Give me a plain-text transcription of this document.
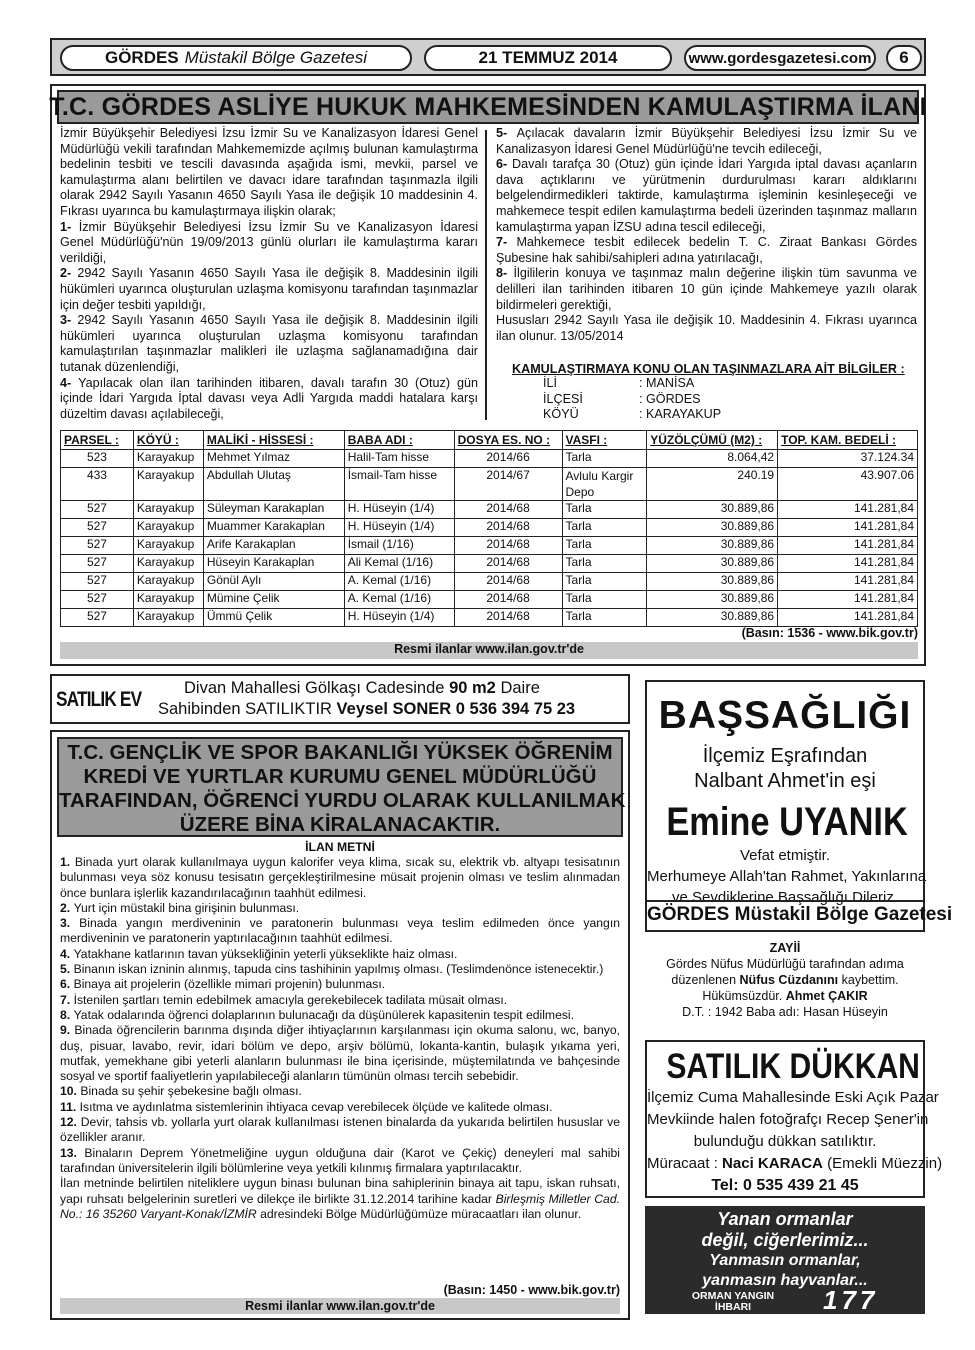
GÖRDES Müstakil Bölge Gazetesi	21 TEMMUZ 2014	www.gordesgazetesi.com 6
T.C. GÖRDES ASLİYE HUKUK MAHKEMESİNDEN KAMULAŞTIRMA İLANI

İzmir Büyükşehir Belediyesi İzsu İzmir Su ve Kanalizasyon İdaresi Genel Müdürlüğü vekili tarafından Mahkememizde açılmış bulunan kamulaştırma bedelinin tesbiti ve tescili davasında aşağıda ismi, mevkii, parsel ve kamulaştırma alanı belirtilen ve davacı idare tarafından taşınmazla ilgili olarak 2942 Sayılı Yasanın 4650 Sayılı Yasa ile değişik 10 maddesinin 4. Fıkrası uyarınca bu kamulaştırmaya ilişkin olarak;

1- İzmir Büyükşehir Belediyesi İzsu İzmir Su ve Kanalizasyon İdaresi Genel Müdürlüğü'nün 19/09/2013 günlü olurları ile kamulaştırma kararı verildiği,

2- 2942 Sayılı Yasanın 4650 Sayılı Yasa ile değişik 8. Maddesinin ilgili hükümleri uyarınca oluşturulan uzlaşma komisyonu tarafından taşınmazlar için değer tesbiti yapıldığı,

3- 2942 Sayılı Yasanın 4650 Sayılı Yasa ile değişik 8. Maddesinin ilgili hükümleri uyarınca oluşturulan uzlaşma komisyonu tarafından kamulaştırılan taşınmazlar malikleri ile uzlaşma sağlanamadığına dair tutanak düzenlendiği,

4- Yapılacak olan ilan tarihinden itibaren, davalı tarafın 30 (Otuz) gün içinde İdari Yargıda İptal davası veya Adli Yargıda maddi hatalara karşı düzeltim davası açılabileceği,

5- Açılacak davaların İzmir Büyükşehir Belediyesi İzsu İzmir Su ve Kanalizasyon İdaresi Genel Müdürlüğü'ne tevcih edileceği,

6- Davalı tarafça 30 (Otuz) gün içinde İdari Yargıda iptal davası açanların dava açtıklarını ve yürütmenin durdurulması kararı aldıklarını belgelendirmedikleri taktirde, kamulaştırma işleminin kesinleşeceği ve mahkemece tespit edilen kamulaştırma bedeli üzerinden taşınmaz malların kamulaştırma yapan İZSU adına tescil edileceği,

7- Mahkemece tesbit edilecek bedelin T. C. Ziraat Bankası Gördes Şubesine hak sahibi/sahipleri adına yatırılacağı,

8- İlgililerin konuya ve taşınmaz malın değerine ilişkin tüm savunma ve delilleri ilan tarihinden itibaren 10 gün içinde Mahkemeye yazılı olarak bildirmeleri gerektiği,

Hususları 2942 Sayılı Yasa ile değişik 10. Maddesinin 4. Fıkrası uyarınca ilan olunur. 13/05/2014

KAMULAŞTIRMAYA KONU OLAN TAŞINMAZLARA AİT BİLGİLER :
İLİ	: MANİSA
İLÇESİ	: GÖRDES
KÖYÜ	: KARAYAKUP
PARSEL :	KÖYÜ :	MALİKİ - HİSSESİ :	BABA ADI :	DOSYA ES. NO :	VASFI :	YÜZÖLÇÜMÜ (M2) :	TOP. KAM. BEDELİ :
523	Karayakup	Mehmet Yılmaz	Halil-Tam hisse	2014/66	Tarla	8.064,42	37.124.34
433	Karayakup	Abdullah Ulutaş	İsmail-Tam hisse	2014/67	Avlulu Kargir Depo	240.19	43.907.06
527	Karayakup	Süleyman Karakaplan	H. Hüseyin (1/4)	2014/68	Tarla	30.889,86	141.281,84
527	Karayakup	Muammer Karakaplan	H. Hüseyin (1/4)	2014/68	Tarla	30.889,86	141.281,84
527	Karayakup	Arife Karakaplan	İsmail (1/16)	2014/68	Tarla	30.889,86	141.281,84
527	Karayakup	Hüseyin Karakaplan	Ali Kemal (1/16)	2014/68	Tarla	30.889,86	141.281,84
527	Karayakup	Gönül Aylı	A. Kemal (1/16)	2014/68	Tarla	30.889,86	141.281,84
527	Karayakup	Mümine Çelik	A. Kemal (1/16)	2014/68	Tarla	30.889,86	141.281,84
527	Karayakup	Ümmü Çelik	H. Hüseyin (1/4)	2014/68	Tarla	30.889,86	141.281,84
(Basın: 1536 - www.bik.gov.tr)
Resmi ilanlar www.ilan.gov.tr'de
SATILIK EV	Divan Mahallesi Gölkaşı Cadesinde 90 m2 Daire
Sahibinden SATILIKTIR Veysel SONER 0 536 394 75 23
T.C. GENÇLİK VE SPOR BAKANLIĞI YÜKSEK ÖĞRENİM
KREDİ VE YURTLAR KURUMU GENEL MÜDÜRLÜĞÜ
TARAFINDAN, ÖĞRENCİ YURDU OLARAK KULLANILMAK
ÜZERE BİNA KİRALANACAKTIR.
İLAN METNİ

1. Binada yurt olarak kullanılmaya uygun kalorifer veya klima, sıcak su, elektrik vb. altyapı tesisatının bulunması veya söz konusu tesisatın gerçekleştirilmesine müsait projenin olması ve teslim alınmadan önce bunlara işlerlik kazandırılacağının taahhüt edilmesi.

2. Yurt için müstakil bina girişinin bulunması.

3. Binada yangın merdiveninin ve paratonerin bulunması veya teslim edilmeden önce yangın merdiveninin ve paratonerin yaptırılacağının taahhüt edilmesi.

4. Yatakhane katlarının tavan yüksekliğinin yeterli yükseklikte haiz olması.

5. Binanın iskan izninin alınmış, tapuda cins tashihinin yapılmış olması. (Teslimdenönce istenecektir.)

6. Binaya ait projelerin (özellikle mimari projenin) bulunması.

7. İstenilen şartları temin edebilmek amacıyla gerekebilecek tadilata müsait olması.

8. Yatak odalarında öğrenci dolaplarının bulunacağı da düşünülerek kapasitenin tespit edilmesi.

9. Binada öğrencilerin barınma dışında diğer ihtiyaçlarının karşılanması için okuma salonu, wc, banyo, duş, pisuar, lavabo, revir, idari bölüm ve depo, arşiv bölümü, lokanta-kantin, bulaşık yıkama yeri, mutfak, yemekhane gibi yeterli alanların bulunması ile bina içerisinde, müştemilatında ve bahçesinde sosyal ve sportif faaliyetlerin yapılabileceği alanların tümünün olması tercih sebebidir.

10. Binada su şehir şebekesine bağlı olması.

11. Isıtma ve aydınlatma sistemlerinin ihtiyaca cevap verebilecek ölçüde ve kalitede olması.

12. Devir, tahsis vb. yollarla yurt olarak kullanılması istenen binalarda da yukarıda belirtilen hususlar ve özellikler aranır.

13. Binaların Deprem Yönetmeliğine uygun olduğuna dair (Karot ve Çekiç) deneyleri mal sahibi tarafından üniversitelerin ilgili bölümlerine veya yetkili kılınmış firmalara yaptırılacaktır.

İlan metninde belirtilen niteliklere uygun binası bulunan bina sahiplerinin binaya ait tapu, iskan ruhsatı, yapı ruhsatı belgelerinin suretleri ve dilekçe ile birlikte 31.12.2014 tarihine kadar Birleşmiş Milletler Cad. No.: 16 35260 Varyant-Konak/İZMİR adresindeki Bölge Müdürlüğümüze müracaatları ilan olunur.

(Basın: 1450 - www.bik.gov.tr)
Resmi ilanlar www.ilan.gov.tr'de
BAŞSAĞLIĞI
İlçemiz Eşrafından
Nalbant Ahmet'in eşi
Emine UYANIK
Vefat etmiştir.
Merhumeye Allah'tan Rahmet, Yakınlarına
ve Sevdiklerine Başsağlığı Dileriz.
GÖRDES Müstakil Bölge Gazetesi
ZAYİİ
Gördes Nüfus Müdürlüğü tarafından adıma
düzenlenen Nüfus Cüzdanını kaybettim.
Hükümsüzdür. Ahmet ÇAKIR
D.T. : 1942 Baba adı: Hasan Hüseyin
SATILIK DÜKKAN
İlçemiz Cuma Mahallesinde Eski Açık Pazar
Mevkiinde halen fotoğrafçı Recep Şener'in
bulunduğu dükkan satılıktır.
Müracaat : Naci KARACA (Emekli Müezzin)
Tel: 0 535 439 21 45
Yanan ormanlar
değil, ciğerlerimiz...
Yanmasın ormanlar,
yanmasın hayvanlar...
ORMAN YANGIN
İHBARI	177
